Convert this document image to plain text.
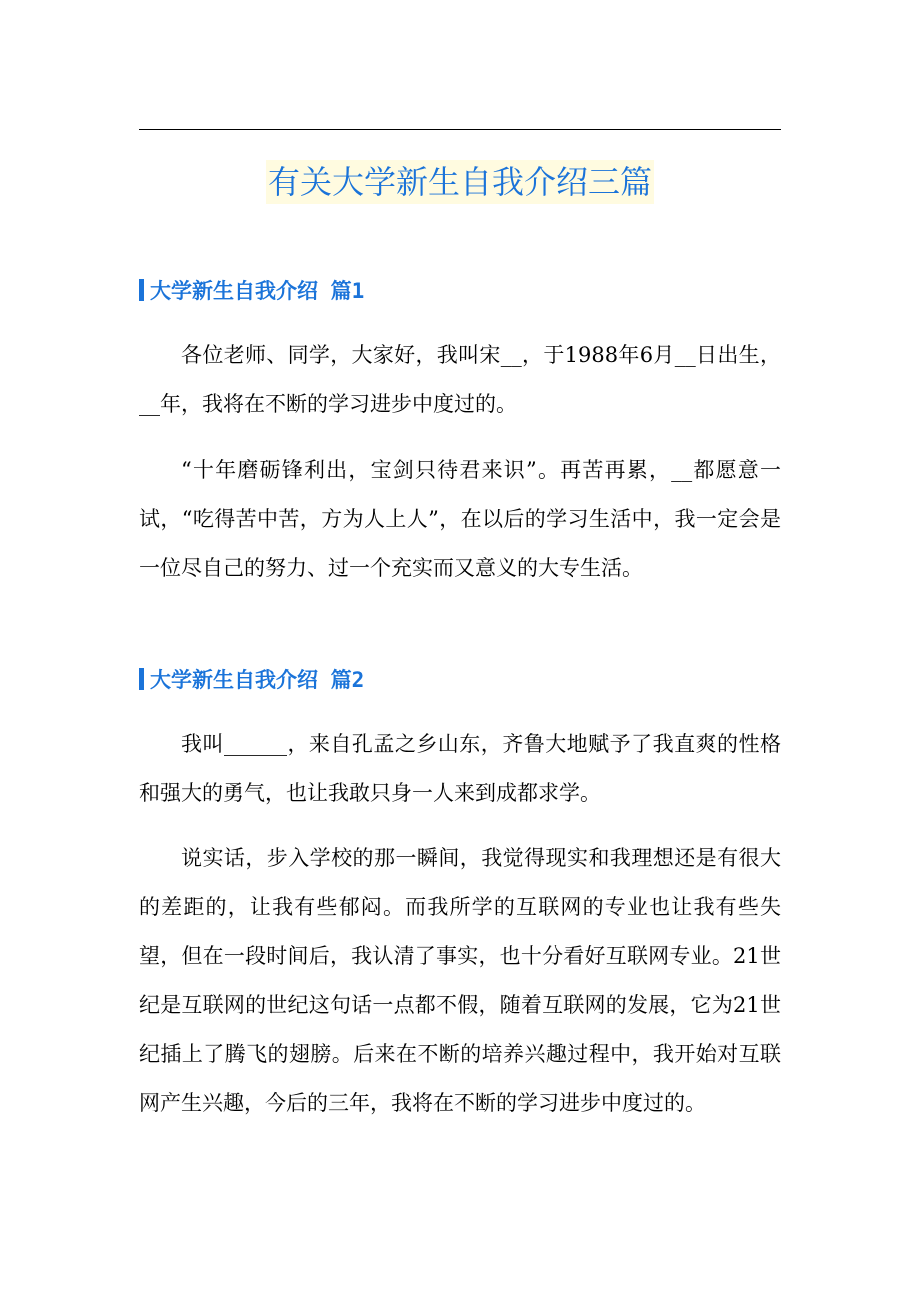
有关大学新生自我介绍三篇
大学新生自我介绍 篇1

各位老师、同学，大家好，我叫宋__，于1988年6月__日出生，__年，我将在不断的学习进步中度过的。

“十年磨砺锋利出，宝剑只待君来识”。再苦再累，__都愿意一试，“吃得苦中苦，方为人上人”，在以后的学习生活中，我一定会是一位尽自己的努力、过一个充实而又意义的大专生活。

大学新生自我介绍 篇2

我叫______，来自孔孟之乡山东，齐鲁大地赋予了我直爽的性格和强大的勇气，也让我敢只身一人来到成都求学。

说实话，步入学校的那一瞬间，我觉得现实和我理想还是有很大的差距的，让我有些郁闷。而我所学的互联网的专业也让我有些失望，但在一段时间后，我认清了事实，也十分看好互联网专业。21世纪是互联网的世纪这句话一点都不假，随着互联网的发展，它为21世纪插上了腾飞的翅膀。后来在不断的培养兴趣过程中，我开始对互联网产生兴趣，今后的三年，我将在不断的学习进步中度过的。
